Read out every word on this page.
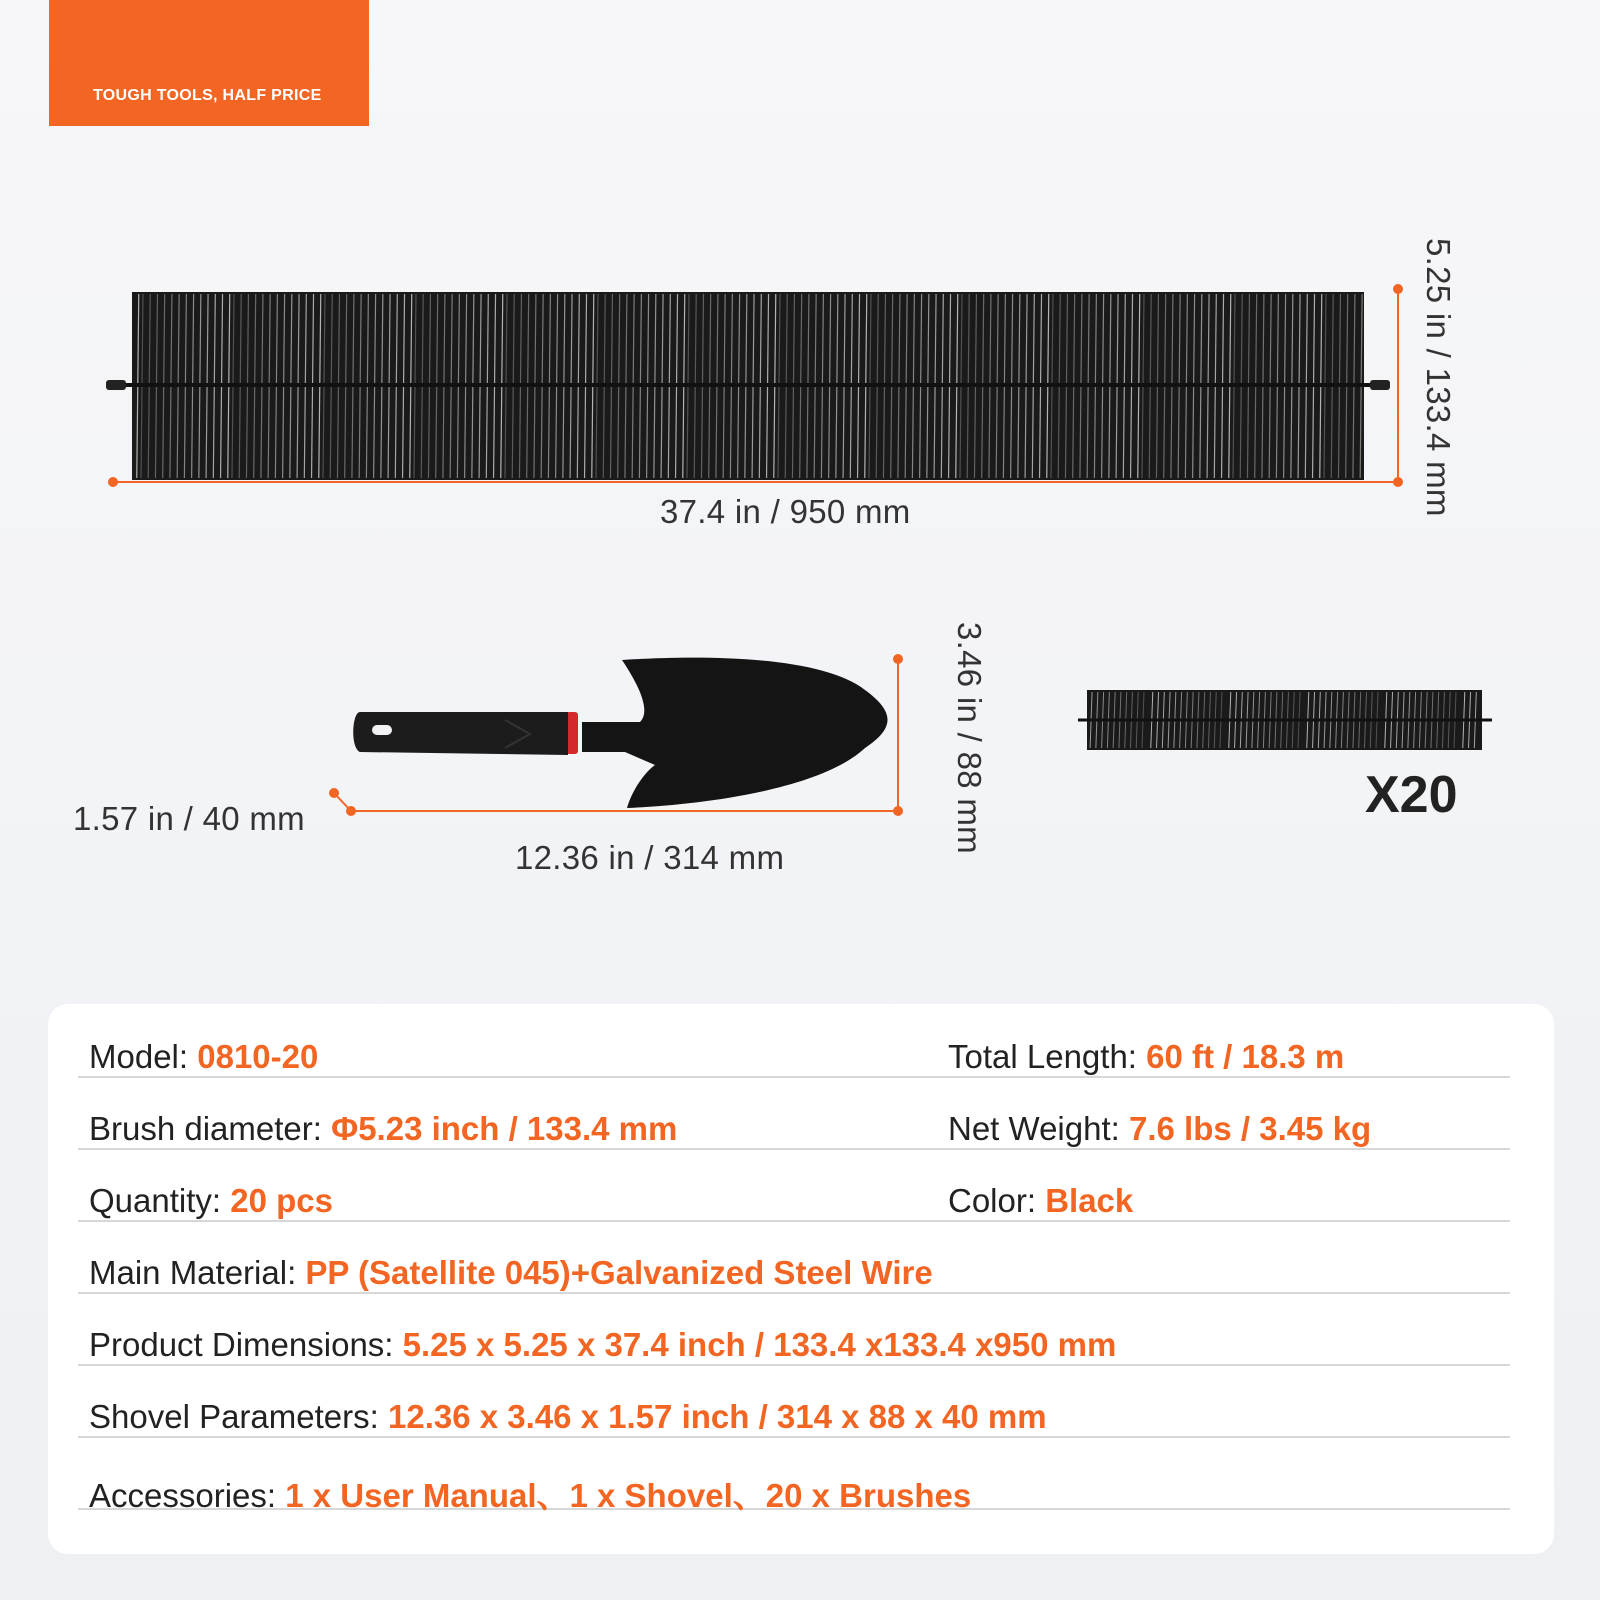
TOUGH TOOLS, HALF PRICE
37.4 in / 950 mm	5.25 in / 133.4 mm
1.57 in / 40 mm
12.36 in / 314 mm
3.46 in / 88 mm	X20
Model: 0810-20	Total Length: 60 ft / 18.3 m
Brush diameter: Φ5.23 inch / 133.4 mm	Net Weight: 7.6 lbs / 3.45 kg
Quantity: 20 pcs	Color: Black
Main Material: PP (Satellite 045)+Galvanized Steel Wire
Product Dimensions: 5.25 x 5.25 x 37.4 inch / 133.4 x133.4 x950 mm
Shovel Parameters: 12.36 x 3.46 x 1.57 inch / 314 x 88 x 40 mm
Accessories: 1 x User Manual、1 x Shovel、20 x Brushes
